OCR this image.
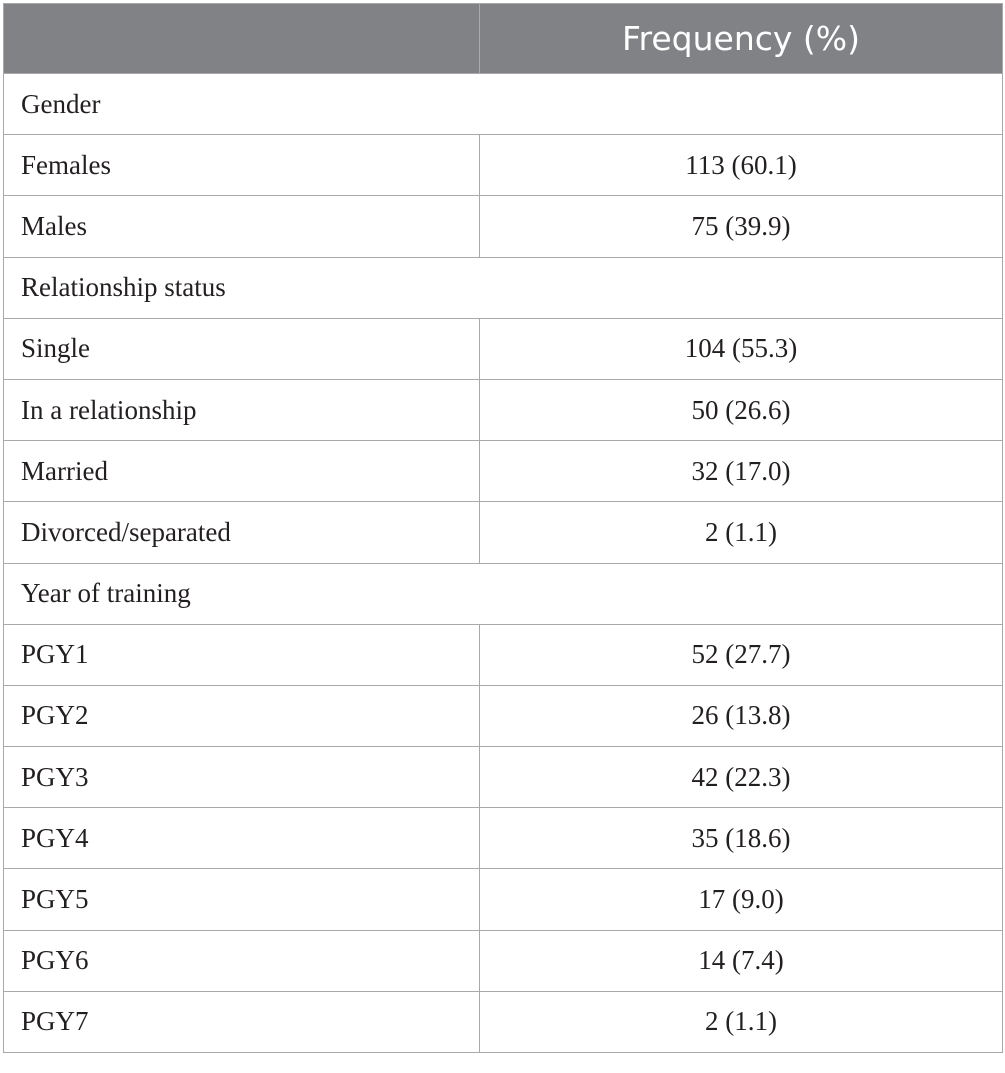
	Frequency (%)
Gender	
Females	113 (60.1)
Males	75 (39.9)
Relationship status	
Single	104 (55.3)
In a relationship	50 (26.6)
Married	32 (17.0)
Divorced/separated	2 (1.1)
Year of training	
PGY1	52 (27.7)
PGY2	26 (13.8)
PGY3	42 (22.3)
PGY4	35 (18.6)
PGY5	17 (9.0)
PGY6	14 (7.4)
PGY7	2 (1.1)
